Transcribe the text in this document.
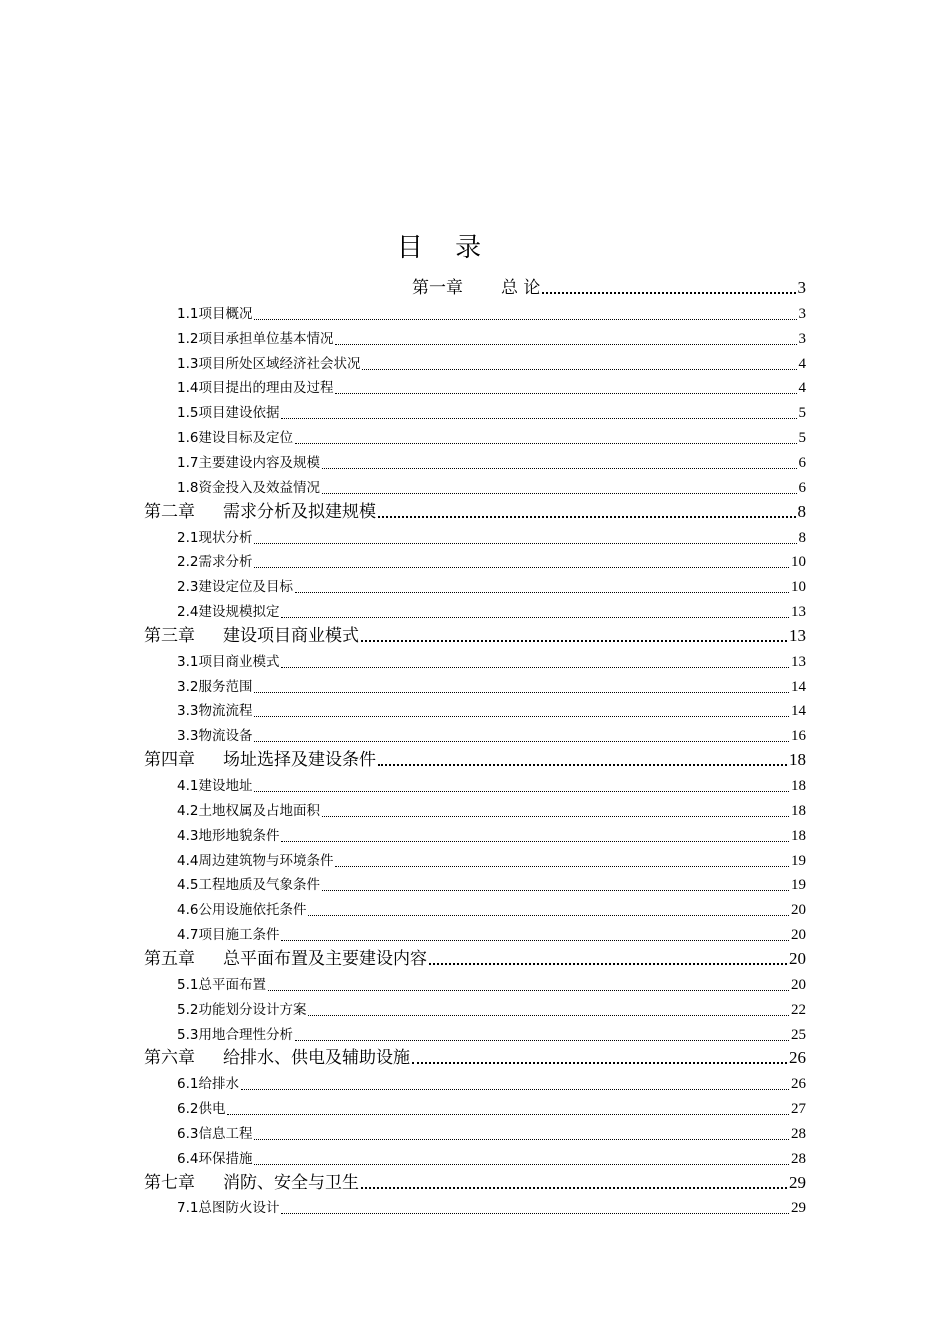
目 录
第一章 总 论	3
1.1项目概况	3
1.2项目承担单位基本情况	3
1.3项目所处区域经济社会状况	4
1.4项目提出的理由及过程	4
1.5项目建设依据	5
1.6建设目标及定位	5
1.7主要建设内容及规模	6
1.8资金投入及效益情况	6
第二章 需求分析及拟建规模	8
2.1现状分析	8
2.2需求分析	10
2.3建设定位及目标	10
2.4建设规模拟定	13
第三章 建设项目商业模式	13
3.1项目商业模式	13
3.2服务范围	14
3.3物流流程	14
3.3物流设备	16
第四章 场址选择及建设条件	18
4.1建设地址	18
4.2土地权属及占地面积	18
4.3地形地貌条件	18
4.4周边建筑物与环境条件	19
4.5工程地质及气象条件	19
4.6公用设施依托条件	20
4.7项目施工条件	20
第五章 总平面布置及主要建设内容	20
5.1总平面布置	20
5.2功能划分设计方案	22
5.3用地合理性分析	25
第六章 给排水、供电及辅助设施	26
6.1给排水	26
6.2供电	27
6.3信息工程	28
6.4环保措施	28
第七章 消防、安全与卫生	29
7.1总图防火设计	29
